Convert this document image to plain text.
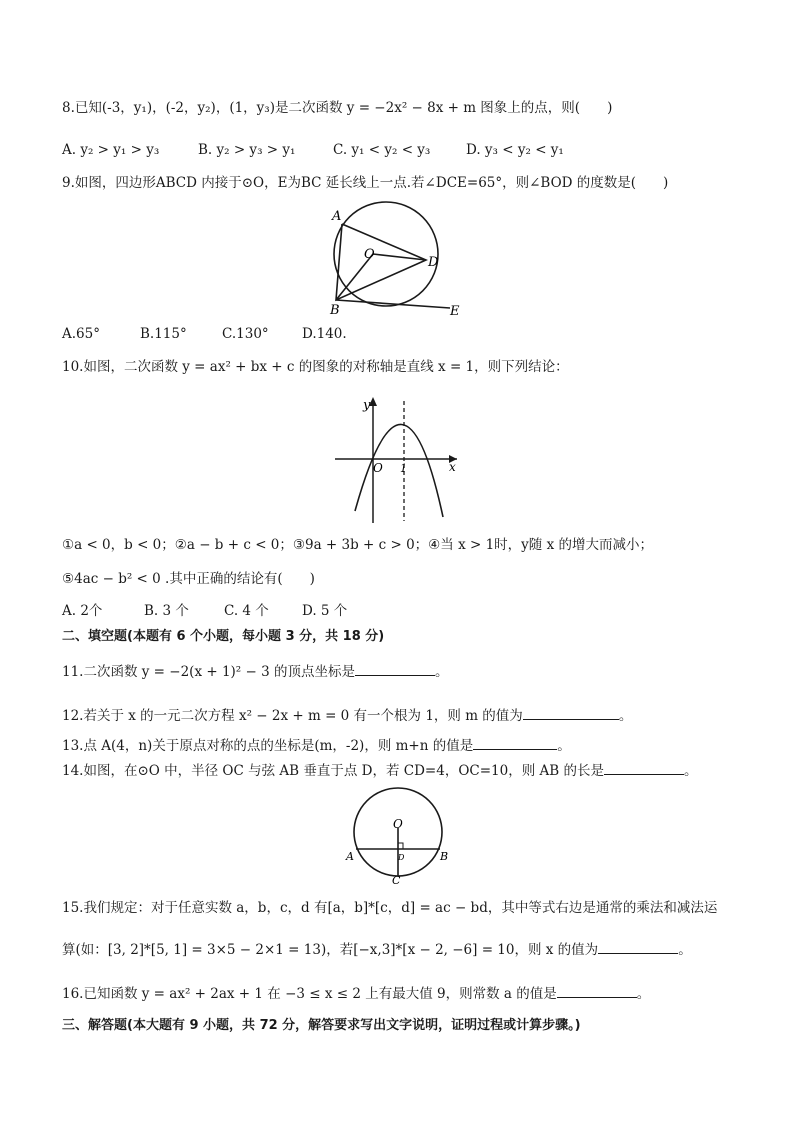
8.已知(-3，y₁)，(-2，y₂)，(1，y₃)是二次函数 y = −2x² − 8x + m 图象上的点，则(　　)
A. y₂ > y₁ > y₃	B. y₂ > y₃ > y₁	C. y₁ < y₂ < y₃	D. y₃ < y₂ < y₁
9.如图，四边形ABCD 内接于⊙O，E为BC 延长线上一点.若∠DCE=65°，则∠BOD 的度数是(　　)
A
O
D
B	E
A.65°	B.115°	C.130° D.140.
10.如图，二次函数 y = ax² + bx + c 的图象的对称轴是直线 x = 1，则下列结论：
y
x
O 1
①a < 0，b < 0；②a − b + c < 0；③9a + 3b + c > 0；④当 x > 1时，y随 x 的增大而减小；
⑤4ac − b² < 0 .其中正确的结论有(　　)
A. 2个	B. 3 个	C. 4 个 D. 5 个
二、填空题(本题有 6 个小题，每小题 3 分，共 18 分)
11.二次函数 y = −2(x + 1)² − 3 的顶点坐标是	。
12.若关于 x 的一元二次方程 x² − 2x + m = 0 有一个根为 1，则 m 的值为	。
13.点 A(4，n)关于原点对称的点的坐标是(m，-2)，则 m+n 的值是	。
14.如图，在⊙O 中，半径 OC 与弦 AB 垂直于点 D，若 CD=4，OC=10，则 AB 的长是	。
O
A	B
C
D
15.我们规定：对于任意实数 a，b，c，d 有[a，b]*[c，d] = ac − bd，其中等式右边是通常的乘法和减法运
算(如：[3, 2]*[5, 1] = 3×5 − 2×1 = 13)，若[−x,3]*[x − 2, −6] = 10，则 x 的值为	。
16.已知函数 y = ax² + 2ax + 1 在 −3 ≤ x ≤ 2 上有最大值 9，则常数 a 的值是	。
三、解答题(本大题有 9 小题，共 72 分，解答要求写出文字说明，证明过程或计算步骤。)
